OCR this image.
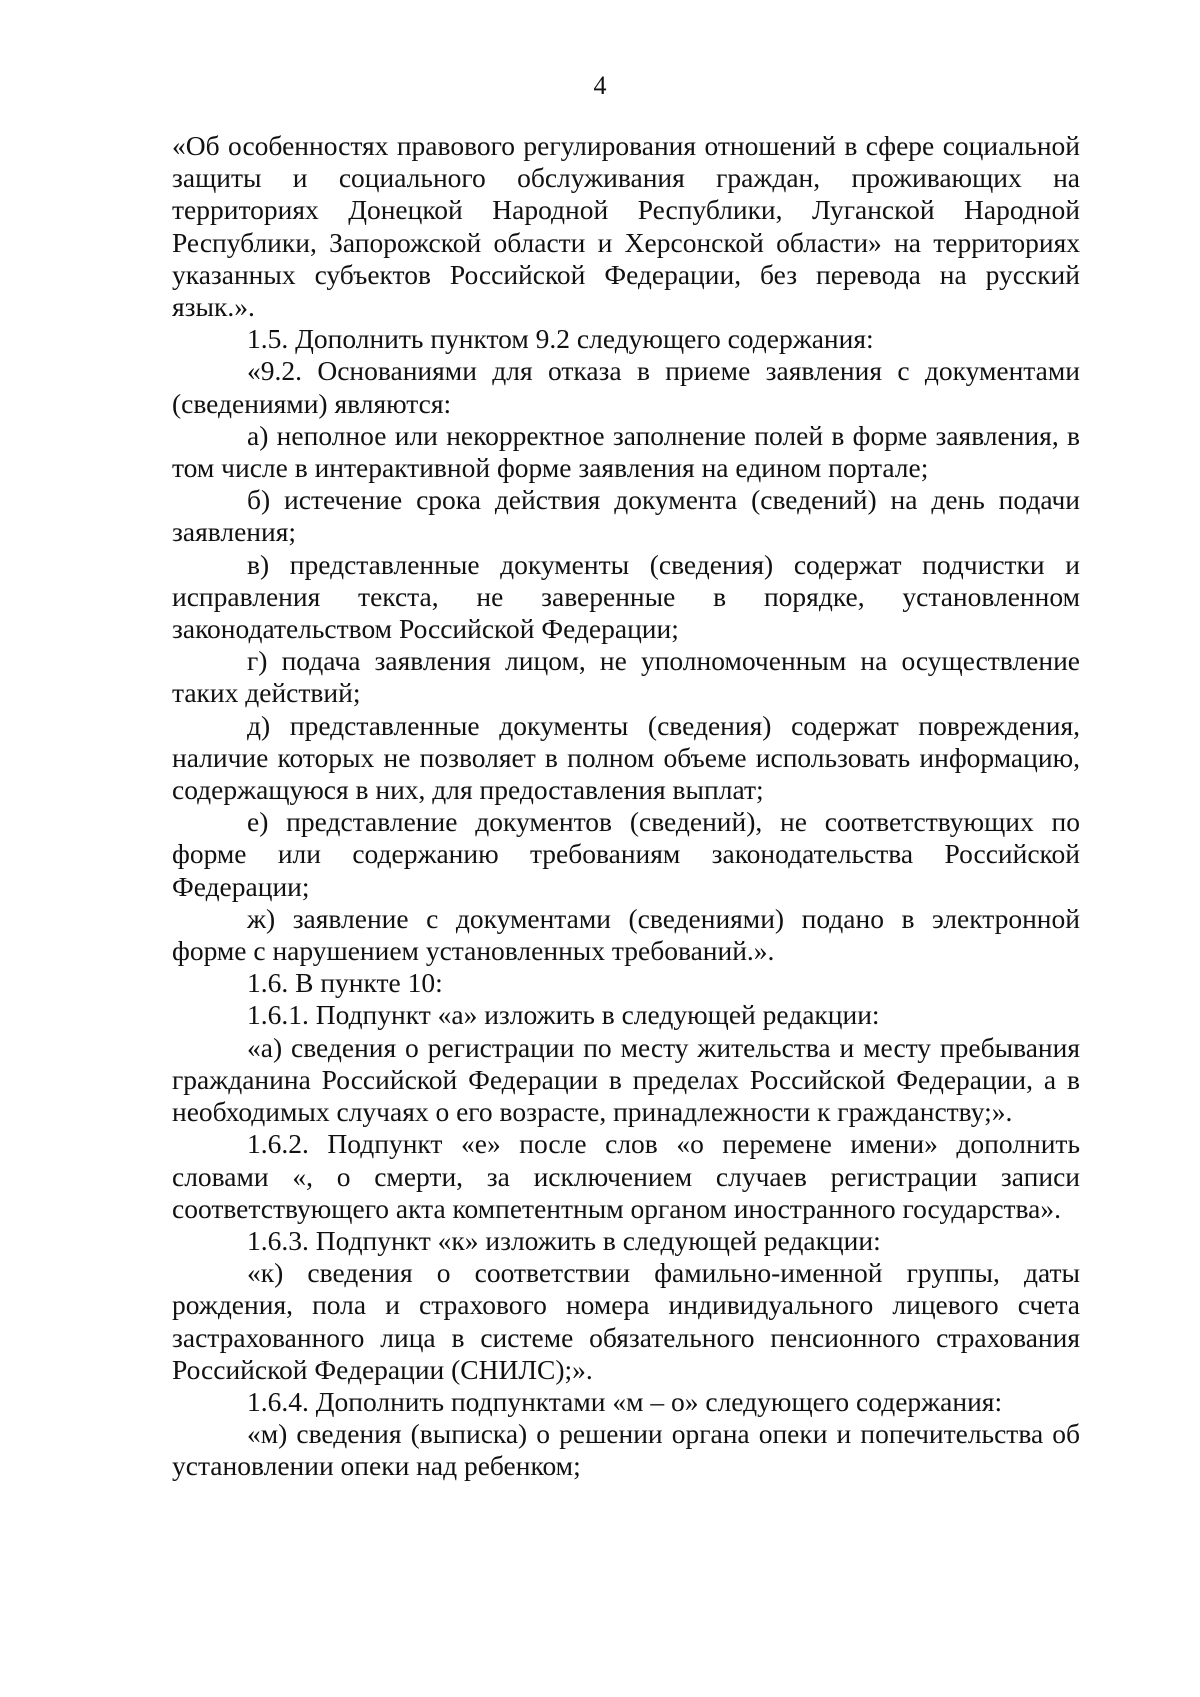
4

«Об особенностях правового регулирования отношений в сфере социальной защиты и социального обслуживания граждан, проживающих на территориях Донецкой Народной Республики, Луганской Народной Республики, Запорожской области и Херсонской области» на территориях указанных субъектов Российской Федерации, без перевода на русский язык.».

1.5. Дополнить пунктом 9.2 следующего содержания:

«9.2. Основаниями для отказа в приеме заявления с документами (сведениями) являются:

а) неполное или некорректное заполнение полей в форме заявления, в том числе в интерактивной форме заявления на едином портале;

б) истечение срока действия документа (сведений) на день подачи заявления;

в) представленные документы (сведения) содержат подчистки и исправления текста, не заверенные в порядке, установленном законодательством Российской Федерации;

г) подача заявления лицом, не уполномоченным на осуществление таких действий;

д) представленные документы (сведения) содержат повреждения, наличие которых не позволяет в полном объеме использовать информацию, содержащуюся в них, для предоставления выплат;

е) представление документов (сведений), не соответствующих по форме или содержанию требованиям законодательства Российской Федерации;

ж) заявление с документами (сведениями) подано в электронной форме с нарушением установленных требований.».

1.6. В пункте 10:

1.6.1. Подпункт «а» изложить в следующей редакции:

«а) сведения о регистрации по месту жительства и месту пребывания гражданина Российской Федерации в пределах Российской Федерации, а в необходимых случаях о его возрасте, принадлежности к гражданству;».

1.6.2. Подпункт «е» после слов «о перемене имени» дополнить словами «, о смерти, за исключением случаев регистрации записи соответствующего акта компетентным органом иностранного государства».

1.6.3. Подпункт «к» изложить в следующей редакции:

«к) сведения о соответствии фамильно-именной группы, даты рождения, пола и страхового номера индивидуального лицевого счета застрахованного лица в системе обязательного пенсионного страхования Российской Федерации (СНИЛС);».

1.6.4. Дополнить подпунктами «м – о» следующего содержания:

«м) сведения (выписка) о решении органа опеки и попечительства об установлении опеки над ребенком;
